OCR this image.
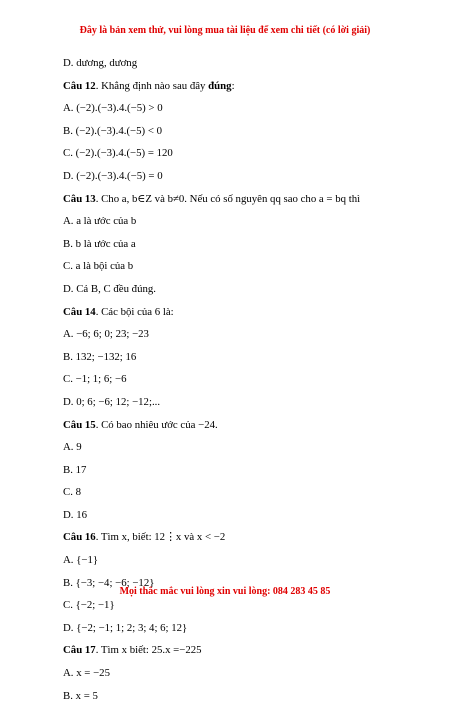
Đây là bản xem thử, vui lòng mua tài liệu để xem chi tiết (có lời giải)
D. dương, dương
Câu 12. Khẳng định nào sau đây đúng:
A. (−2).(−3).4.(−5) > 0
B. (−2).(−3).4.(−5) < 0
C. (−2).(−3).4.(−5) = 120
D. (−2).(−3).4.(−5) = 0
Câu 13. Cho a, b∈Z và b≠0. Nếu có số nguyên qq sao cho a = bq thì
A. a là ước của b
B. b là ước của a
C. a là bội của b
D. Cả B, C đều đúng.
Câu 14. Các bội của 6 là:
A. −6; 6; 0; 23; −23
B. 132; −132; 16
C. −1; 1; 6; −6
D. 0; 6; −6; 12; −12;...
Câu 15. Có bao nhiêu ước của −24.
A. 9
B. 17
C. 8
D. 16
Câu 16. Tìm x, biết: 12⋮x và x < −2
A. {−1}
B. {−3; −4; −6; −12}
C. {−2; −1}
D. {−2; −1; 1; 2; 3; 4; 6; 12}
Câu 17. Tìm x biết: 25.x =−225
A. x = −25
B. x = 5
Mọi thắc mắc vui lòng xin vui lòng: 084 283 45 85
